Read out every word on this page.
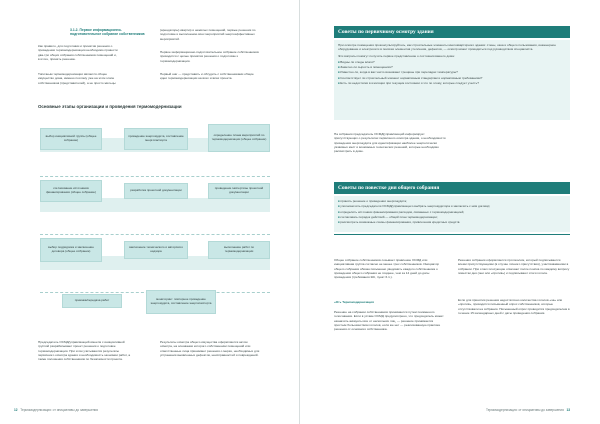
3.1.2. Первое информационно-подготовительное собрание собственников
Как правило, для подготовки и принятия решения о проведении термомодернизации необходимо провести два-три общих собрания собственников помещений и, в итоге, принять решение.
Типичным термомодернизации является общее имущество дома, именно поэтому уже на этом этапе собственников (представителей), а не просто жильцы
(арендаторы) квартир и нежилых помещений, первые решения по подготовке и выполнению всех мероприятий энергоэффективных мероприятий.
Первое информационно-подготовительное собрание собственников проводится с целью принятия решения о подготовке к термомодернизации.
Первый шаг — представить и обсудить с собственниками общие идеи термомодернизации на всех этапах проекта.
Основные этапы организации и проведения термомодернизации
выбор инициативной группы (общее собрание)
проведение энергоаудита, составление энергопаспорта
определение плана мероприятий по термомодернизации (общее собрание)
согласование источников финансирования (общее собрание)	разработка проектной документации	проведение экспертизы проектной документации
выбор подрядчика и заключение договора (общее собрание)
заключение технического и авторского надзора
выполнение работ по термомодернизации
приемка/передача работ	мониторинг: повторное проведение энергоаудита, составление энергопаспорта
Председатель ОСМД/управляющий имеетм с инициативной группой разрабатывают проект решения о подготовке термомодернизации. При этом учитываются результаты первичного осмотра здания и необходимость экономии работ, а также положения собственников по безопасности проекта.
Результаты осмотра общего имущества оформляются актом осмотра, на основании которого собственники помещений или ответственные лица принимают решения о мерах, необходимых для устранения выявленных дефектов, неисправностей и повреждений.
12 Термомодернизация: от инициативы до завершения
Советы по первичному осмотру здания
При осмотре помещения проконсультируйтесь, как строительные элементы многоквартирного здания: стены, окна и общего пользования, инженерное оборудование и электросети в поисках элементов утепления, дефектов, — осмотр может проводиться под руководством специалиста.
Эти вопросы помогут получить первое представление о состоянии вашего дома:
■ Видны ли следы влаги?
■ Заметно ли сырость в помещениях?
■ Известно ли, когда в вас часто возникают трещины при перепадах температуры?
■ Соответствует ли строительный элемент нормативным стандартам и нормативным требованиям?
■ Есть ли недостатки в изоляции при текущем состоянии и что по этому, которые следует учесть?
На собрании председатель ОСМД/управляющий информирует присутствующих о результатах первичного осмотра здания, о необходимости проведения энергоаудита для идентификации наиболее энергетически уязвимых мест и возможных технических решений, которые необходимо рассмотреть в доме.
Советы по повестке дня общего собрания
■ принять решение о проведении энергоаудита;
■ уполномочить председателя ОСМД/управляющего выбрать энергоаудитора и заключить с ним договор;
■ определить источники финансирования расходов, связанных с термомодернизацией;
■ согласовать порядок действий — общий план термомодернизации;
■ рассмотреть возможные схемы финансирования, привлечения кредитных средств.
Общее собрание собственников созывает правление ОСМД или инициативная группа согласно не менее трех собственников. Инициатор общего собрания обязан письменно уведомить каждого собственника о проведении общего собрания не позднее, чем за 14 дней до даты проведения (требования ЖК, пункт 6.1.).
«От» Термомодернизация
Решение на собрании собственников принимается путем поименного голосования. Если в уставе ОСМД предусмотрено, что председатель может назначить аккаунты все от нескольких лиц, — решение принимается простым большинством голосов, если же нет — реализованную практике решения от основного собственника.
Решения собрания оформляются протоколом, который подписывается всеми присутствующими (в случае личного присутствия), участвовавшими в собрании. При этом голосующие отвечают после поиска по каждому вопросу повестки дня (они или «против») и подписывают итоги голоса.
Если для принятия решения недостаточно количества голосов «за» или «против», проводится письменный опрос собственников, которые отсутствовали на собрании. Письменный опрос проводится председателем в течение 15 календарных дней с даты проведения собрания.
Термомодернизация: от инициативы до завершения 13
